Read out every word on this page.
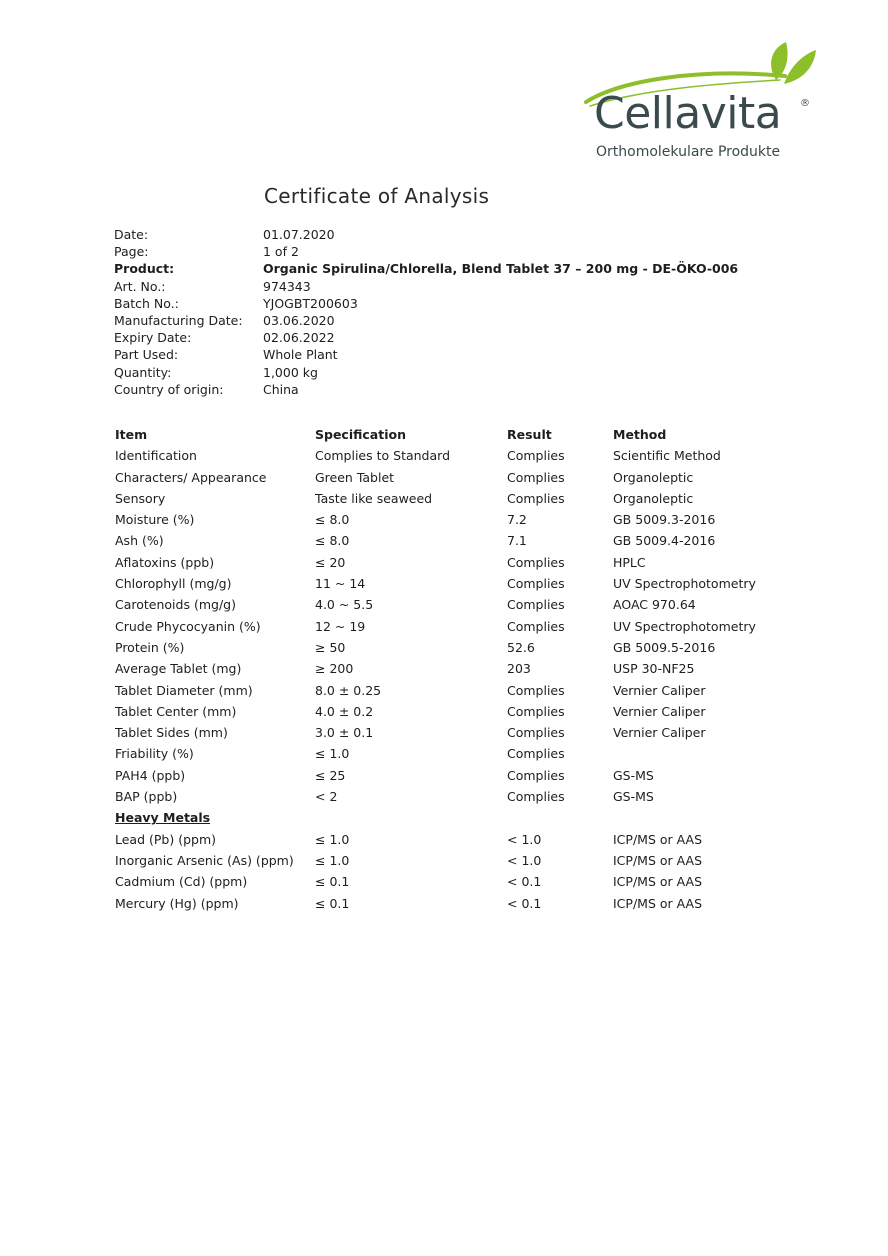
Cellavita ®
Orthomolekulare Produkte
Certificate of Analysis
Date:	01.07.2020
Page:	1 of 2
Product:	Organic Spirulina/Chlorella, Blend Tablet 37 – 200 mg - DE-ÖKO-006
Art. No.:	974343
Batch No.:	YJOGBT200603
Manufacturing Date:	03.06.2020
Expiry Date:	02.06.2022
Part Used:	Whole Plant
Quantity:	1,000 kg
Country of origin:	China
Item	Specification	Result	Method
Identification	Complies to Standard	Complies	Scientific Method
Characters/ Appearance	Green Tablet	Complies	Organoleptic
Sensory	Taste like seaweed	Complies	Organoleptic
Moisture (%)	≤ 8.0	7.2	GB 5009.3-2016
Ash (%)	≤ 8.0	7.1	GB 5009.4-2016
Aflatoxins (ppb)	≤ 20	Complies	HPLC
Chlorophyll (mg/g)	11 ~ 14	Complies	UV Spectrophotometry
Carotenoids (mg/g)	4.0 ~ 5.5	Complies	AOAC 970.64
Crude Phycocyanin (%)	12 ~ 19	Complies	UV Spectrophotometry
Protein (%)	≥ 50	52.6	GB 5009.5-2016
Average Tablet (mg)	≥ 200	203	USP 30-NF25
Tablet Diameter (mm)	8.0 ± 0.25	Complies	Vernier Caliper
Tablet Center (mm)	4.0 ± 0.2	Complies	Vernier Caliper
Tablet Sides (mm)	3.0 ± 0.1	Complies	Vernier Caliper
Friability (%)	≤ 1.0	Complies
PAH4 (ppb)	≤ 25	Complies	GS-MS
BAP (ppb)	< 2	Complies	GS-MS
Heavy Metals
Lead (Pb) (ppm)	≤ 1.0	< 1.0	ICP/MS or AAS
Inorganic Arsenic (As) (ppm)	≤ 1.0	< 1.0	ICP/MS or AAS
Cadmium (Cd) (ppm)	≤ 0.1	< 0.1	ICP/MS or AAS
Mercury (Hg) (ppm)	≤ 0.1	< 0.1	ICP/MS or AAS
